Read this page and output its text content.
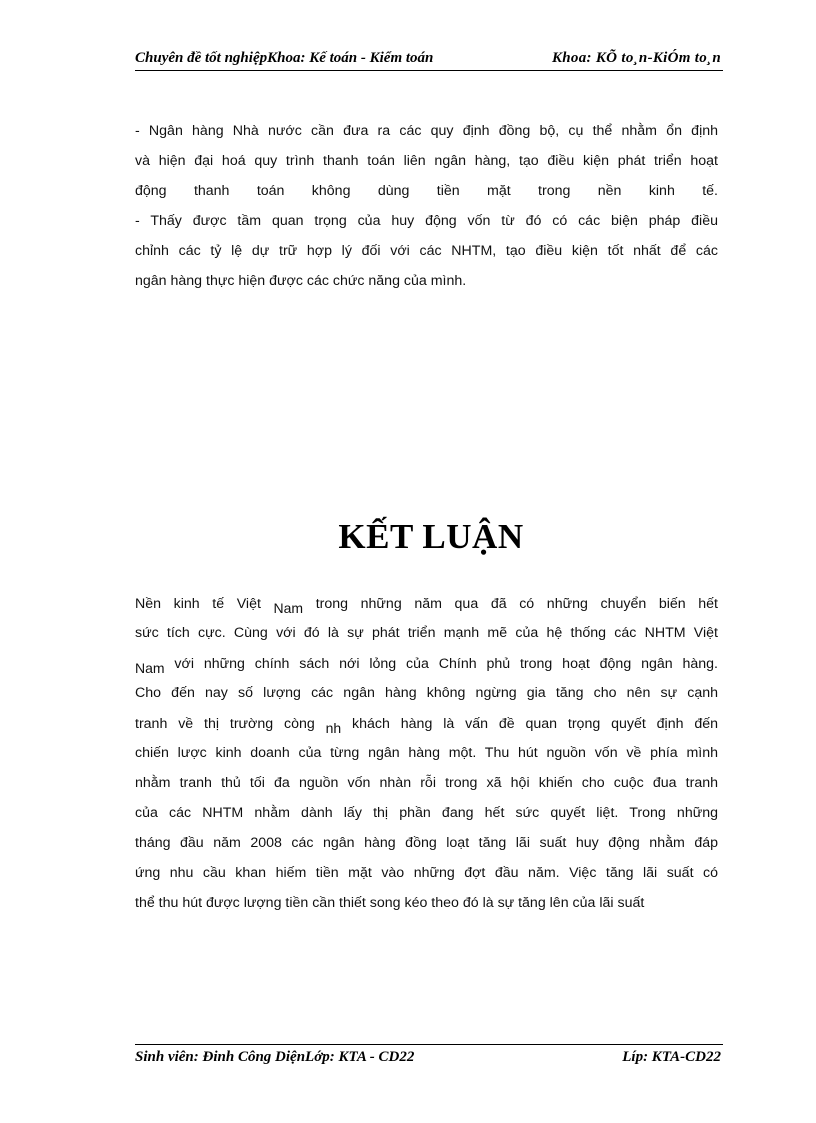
Chuyên đề tốt nghiệpKhoa: Kế toán - Kiểm toán	Khoa: KÕ to¸n-KiÓm to¸n

- Ngân hàng Nhà nước cần đưa ra các quy định đồng bộ, cụ thể nhằm ổn định
và hiện đại hoá quy trình thanh toán liên ngân hàng, tạo điều kiện phát triển hoạt
động thanh toán không dùng tiền mặt trong nền kinh tế.

- Thấy được tầm quan trọng của huy động vốn từ đó có các biện pháp điều
chỉnh các tỷ lệ dự trữ hợp lý đối với các NHTM, tạo điều kiện tốt nhất để các
ngân hàng thực hiện được các chức năng của mình.

KẾT LUẬN
Nền kinh tế Việt Nam trong những năm qua đã có những chuyển biến hết
sức tích cực. Cùng với đó là sự phát triển mạnh mẽ của hệ thống các NHTM Việt
Nam với những chính sách nới lỏng của Chính phủ trong hoạt động ngân hàng.
Cho đến nay số lượng các ngân hàng không ngừng gia tăng cho nên sự cạnh
tranh về thị trường còng nh khách hàng là vấn đề quan trọng quyết định đến
chiến lược kinh doanh của từng ngân hàng một. Thu hút nguồn vốn về phía mình
nhằm tranh thủ tối đa nguồn vốn nhàn rỗi trong xã hội khiến cho cuộc đua tranh
của các NHTM nhằm dành lấy thị phần đang hết sức quyết liệt. Trong những
tháng đầu năm 2008 các ngân hàng đồng loạt tăng lãi suất huy động nhằm đáp
ứng nhu cầu khan hiếm tiền mặt vào những đợt đầu năm. Việc tăng lãi suất có
thể thu hút được lượng tiền cần thiết song kéo theo đó là sự tăng lên của lãi suất
Sinh viên: Đinh Công DiệnLớp: KTA - CD22	Líp: KTA-CD22
